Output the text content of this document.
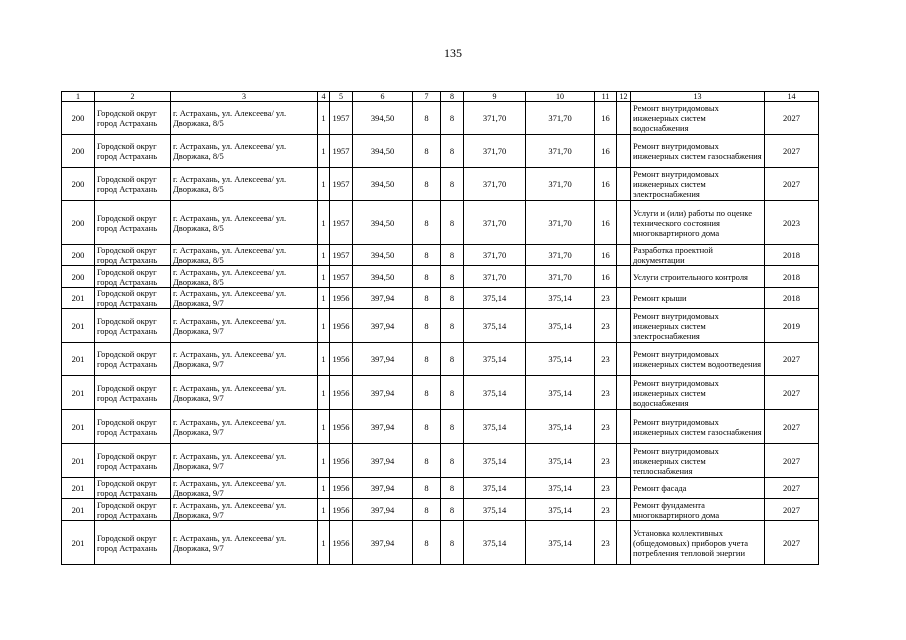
135
1	2	3	4	5	6	7	8	9	10	11	12	13	14
200	Городской округ город Астрахань	г. Астрахань, ул. Алексеева/ ул. Дворжака, 8/5	1	1957	394,50	8	8	371,70	371,70	16		Ремонт внутридомовых инженерных систем водоснабжения	2027
200	Городской округ город Астрахань	г. Астрахань, ул. Алексеева/ ул. Дворжака, 8/5	1	1957	394,50	8	8	371,70	371,70	16		Ремонт внутридомовых инженерных систем газоснабжения	2027
200	Городской округ город Астрахань	г. Астрахань, ул. Алексеева/ ул. Дворжака, 8/5	1	1957	394,50	8	8	371,70	371,70	16		Ремонт внутридомовых инженерных систем электроснабжения	2027
200	Городской округ город Астрахань	г. Астрахань, ул. Алексеева/ ул. Дворжака, 8/5	1	1957	394,50	8	8	371,70	371,70	16		Услуги и (или) работы по оценке технического состояния многоквартирного дома	2023
200	Городской округ город Астрахань	г. Астрахань, ул. Алексеева/ ул. Дворжака, 8/5	1	1957	394,50	8	8	371,70	371,70	16		Разработка проектной документации	2018
200	Городской округ город Астрахань	г. Астрахань, ул. Алексеева/ ул. Дворжака, 8/5	1	1957	394,50	8	8	371,70	371,70	16		Услуги строительного контроля	2018
201	Городской округ город Астрахань	г. Астрахань, ул. Алексеева/ ул. Дворжака, 9/7	1	1956	397,94	8	8	375,14	375,14	23		Ремонт крыши	2018
201	Городской округ город Астрахань	г. Астрахань, ул. Алексеева/ ул. Дворжака, 9/7	1	1956	397,94	8	8	375,14	375,14	23		Ремонт внутридомовых инженерных систем электроснабжения	2019
201	Городской округ город Астрахань	г. Астрахань, ул. Алексеева/ ул. Дворжака, 9/7	1	1956	397,94	8	8	375,14	375,14	23		Ремонт внутридомовых инженерных систем водоотведения	2027
201	Городской округ город Астрахань	г. Астрахань, ул. Алексеева/ ул. Дворжака, 9/7	1	1956	397,94	8	8	375,14	375,14	23		Ремонт внутридомовых инженерных систем водоснабжения	2027
201	Городской округ город Астрахань	г. Астрахань, ул. Алексеева/ ул. Дворжака, 9/7	1	1956	397,94	8	8	375,14	375,14	23		Ремонт внутридомовых инженерных систем газоснабжения	2027
201	Городской округ город Астрахань	г. Астрахань, ул. Алексеева/ ул. Дворжака, 9/7	1	1956	397,94	8	8	375,14	375,14	23		Ремонт внутридомовых инженерных систем теплоснабжения	2027
201	Городской округ город Астрахань	г. Астрахань, ул. Алексеева/ ул. Дворжака, 9/7	1	1956	397,94	8	8	375,14	375,14	23		Ремонт фасада	2027
201	Городской округ город Астрахань	г. Астрахань, ул. Алексеева/ ул. Дворжака, 9/7	1	1956	397,94	8	8	375,14	375,14	23		Ремонт фундамента многоквартирного дома	2027
201	Городской округ город Астрахань	г. Астрахань, ул. Алексеева/ ул. Дворжака, 9/7	1	1956	397,94	8	8	375,14	375,14	23		Установка коллективных (общедомовых) приборов учета потребления тепловой энергии	2027
